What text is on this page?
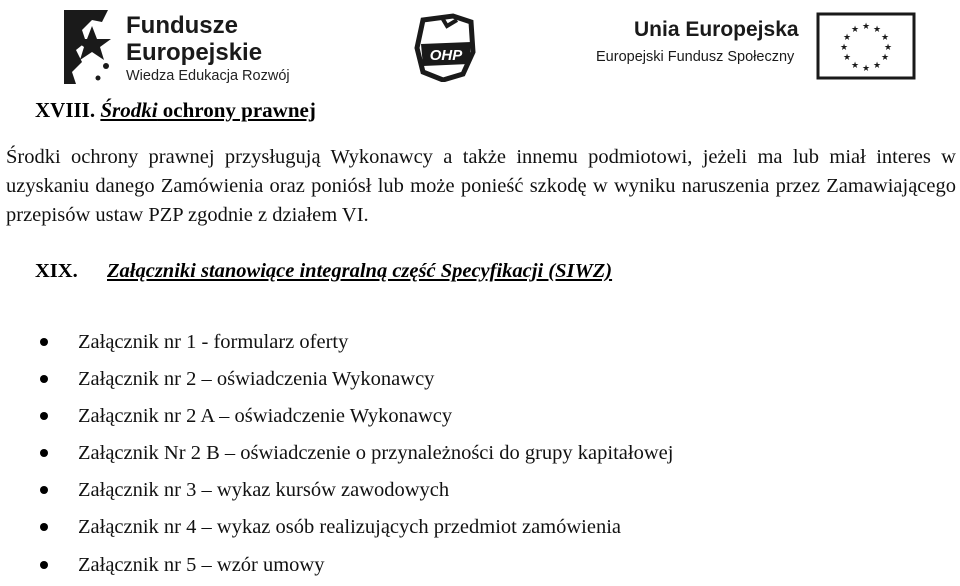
Fundusze
Europejskie
Wiedza Edukacja Rozwój
OHP
Unia Europejska
Europejski Fundusz Społeczny
★ ★
★
★
★
★
★
★
★
★
★
★
XVIII. Środki ochrony prawnej
Środki ochrony prawnej przysługują Wykonawcy a także innemu podmiotowi, jeżeli ma lub miał interes w uzyskaniu danego Zamówienia oraz poniósł lub może ponieść szkodę w wyniku naruszenia przez Zamawiającego przepisów ustaw PZP zgodnie z działem VI.
XIX. Załączniki stanowiące integralną część Specyfikacji (SIWZ)
Załącznik nr 1 - formularz oferty
Załącznik nr 2 – oświadczenia Wykonawcy
Załącznik nr 2 A – oświadczenie Wykonawcy
Załącznik Nr 2 B – oświadczenie o przynależności do grupy kapitałowej
Załącznik nr 3 – wykaz kursów zawodowych
Załącznik nr 4 – wykaz osób realizujących przedmiot zamówienia
Załącznik nr 5 – wzór umowy
